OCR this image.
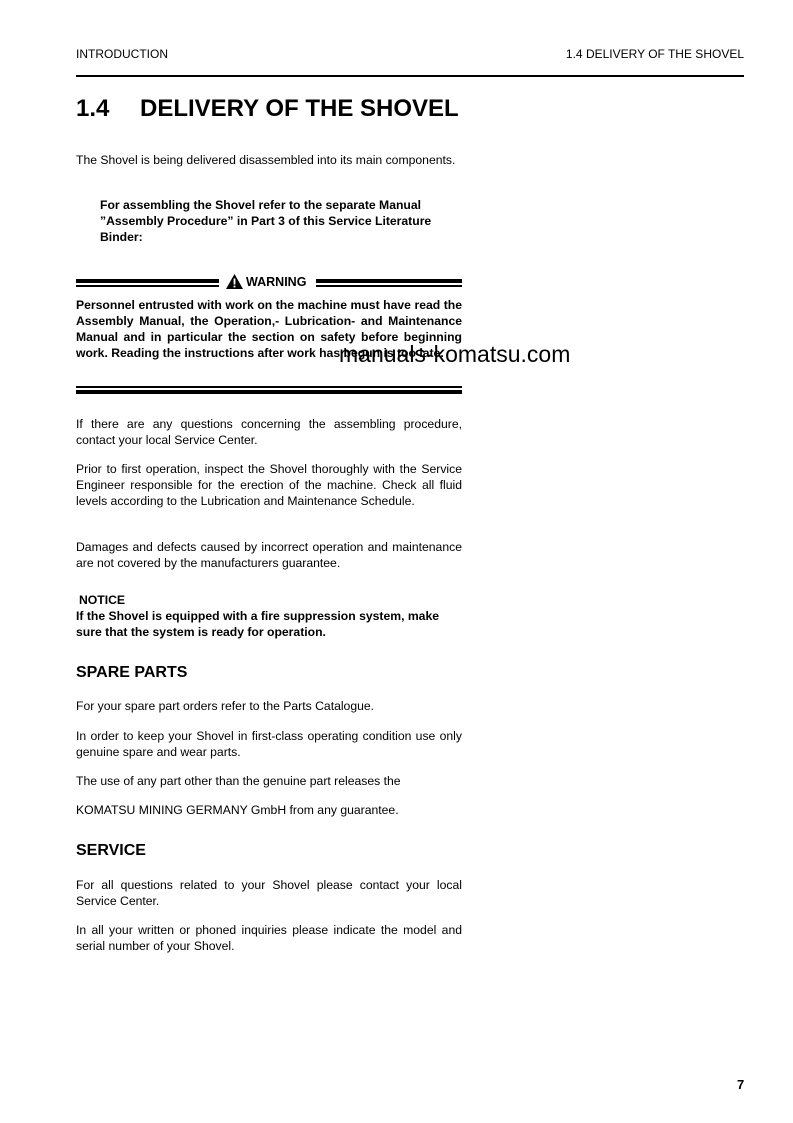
INTRODUCTION	1.4 DELIVERY OF THE SHOVEL
1.4 DELIVERY OF THE SHOVEL

The Shovel is being delivered disassembled into its main components.

For assembling the Shovel refer to the separate Manual ”Assembly Procedure” in Part 3 of this Service Literature Binder:

WARNING

Personnel entrusted with work on the machine must have read the Assembly Manual, the Operation,- Lubrication- and Maintenance Manual and in particular the section on safety before beginning work. Reading the instructions after work has begun is too late.

manuals-komatsu.com

If there are any questions concerning the assembling procedure, contact your local Service Center.

Prior to first operation, inspect the Shovel thoroughly with the Service Engineer responsible for the erection of the machine. Check all fluid levels according to the Lubrication and Maintenance Schedule.

Damages and defects caused by incorrect operation and maintenance are not covered by the manufacturers guarantee.

NOTICE

If the Shovel is equipped with a fire suppression system, make sure that the system is ready for operation.

SPARE PARTS

For your spare part orders refer to the Parts Catalogue.

In order to keep your Shovel in first-class operating condition use only genuine spare and wear parts.

The use of any part other than the genuine part releases the

KOMATSU MINING GERMANY GmbH from any guarantee.

SERVICE

For all questions related to your Shovel please contact your local Service Center.

In all your written or phoned inquiries please indicate the model and serial number of your Shovel.

7
